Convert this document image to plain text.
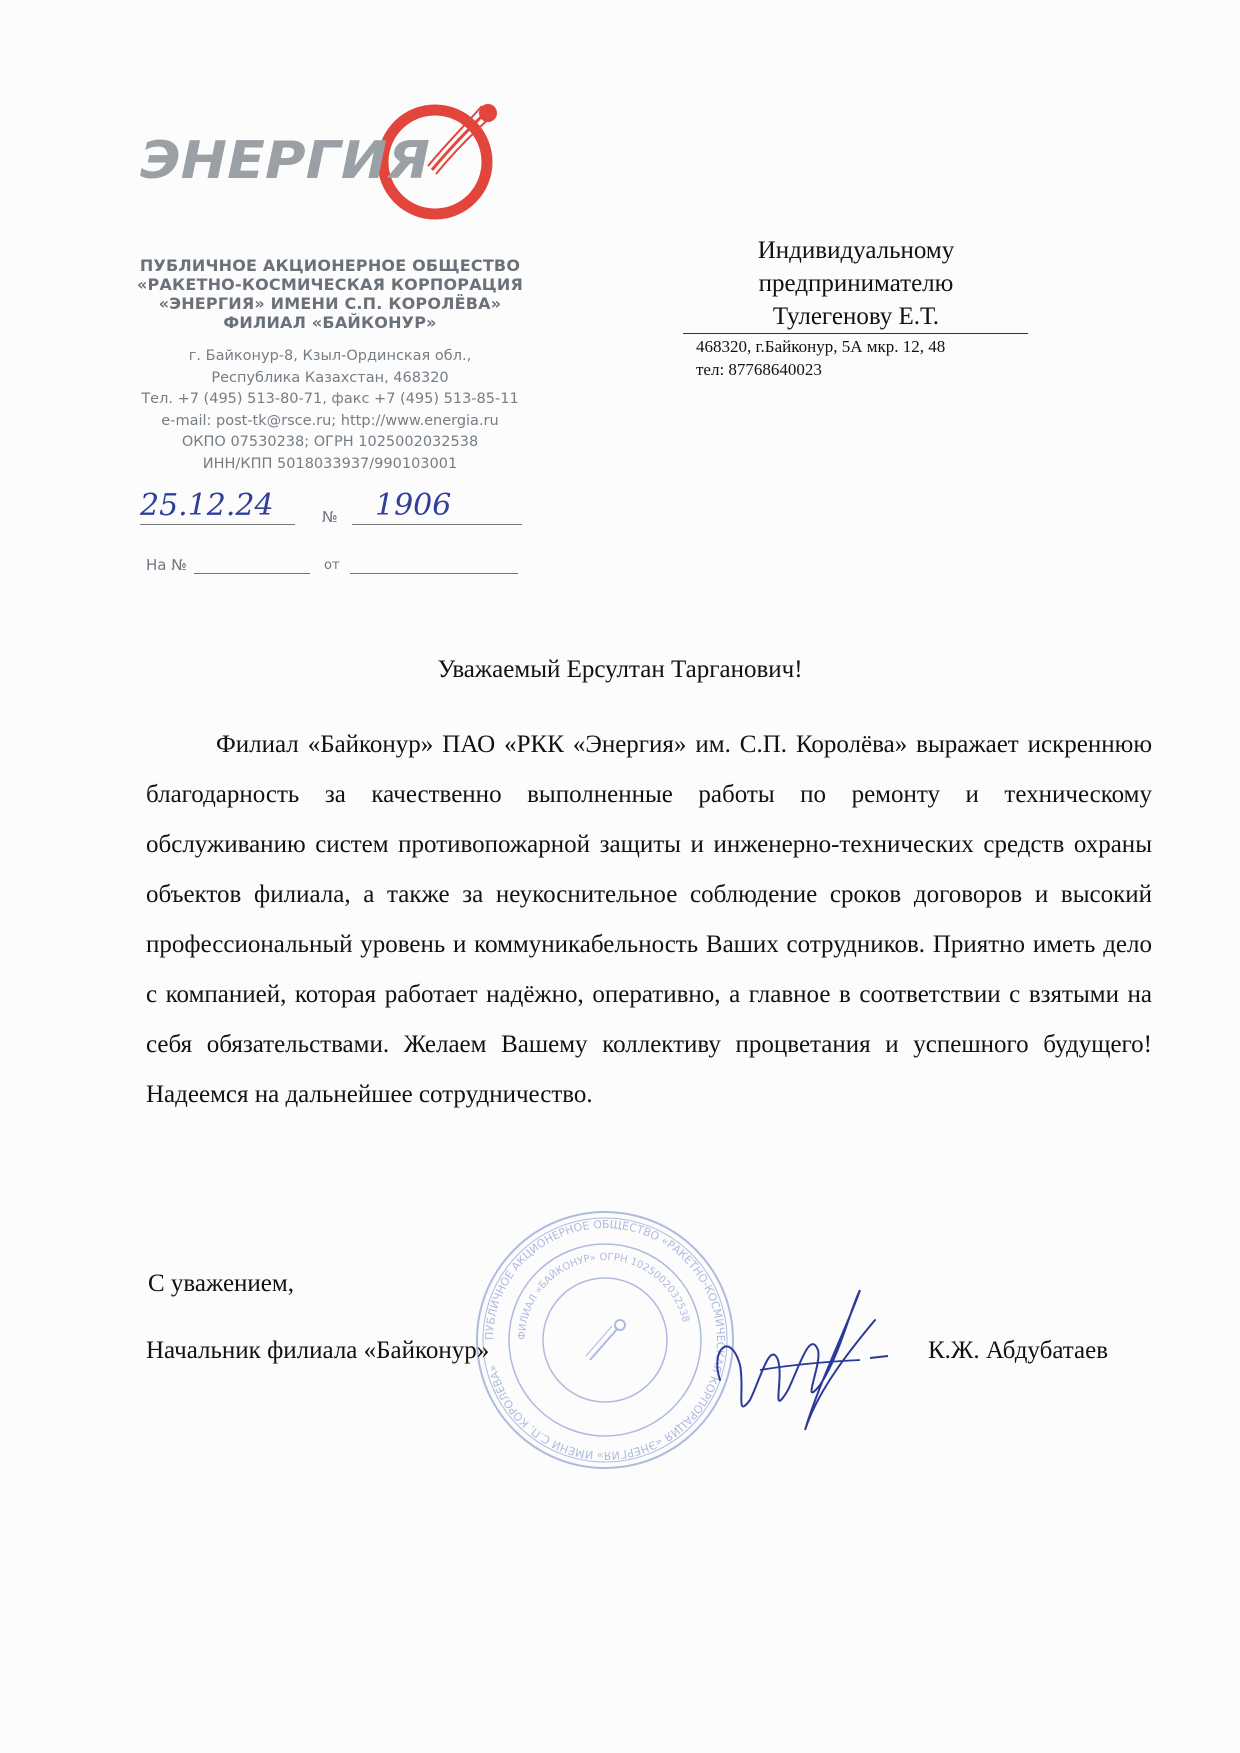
ЭНЕРГИЯ
ПУБЛИЧНОЕ АКЦИОНЕРНОЕ ОБЩЕСТВО
«РАКЕТНО-КОСМИЧЕСКАЯ КОРПОРАЦИЯ
«ЭНЕРГИЯ» ИМЕНИ С.П. КОРОЛЁВА»
ФИЛИАЛ «БАЙКОНУР»
г. Байконур-8, Кзыл-Ординская обл.,
Республика Казахстан, 468320
Тел. +7 (495) 513-80-71, факс +7 (495) 513-85-11
e-mail: post-tk@rsce.ru; http://www.energia.ru
ОКПО 07530238; ОГРН 1025002032538
ИНН/КПП 5018033937/990103001
25.12.24	№ 1906
На №	от
Индивидуальному
предпринимателю
Тулегенову Е.Т.
468320, г.Байконур, 5А мкр. 12, 48
тел: 87768640023
Уважаемый Ерсултан Тарганович!

Филиал «Байконур» ПАО «РКК «Энергия» им. С.П. Королёва» выражает искреннюю благодарность за качественно выполненные работы по ремонту и техническому обслуживанию систем противопожарной защиты и инженерно-технических средств охраны объектов филиала, а также за неукоснительное соблюдение сроков договоров и высокий профессиональный уровень и коммуникабельность Ваших сотрудников. Приятно иметь дело с компанией, которая работает надёжно, оперативно, а главное в соответствии с взятыми на себя обязательствами. Желаем Вашему коллективу процветания и успешного будущего! Надеемся на дальнейшее сотрудничество.

ПУБЛИЧНОЕ АКЦИОНЕРНОЕ ОБЩЕСТВО «РАКЕТНО-КОСМИЧЕСКАЯ КОРПОРАЦИЯ «ЭНЕРГИЯ» ИМЕНИ С.П. КОРОЛЁВА»
ФИЛИАЛ «БАЙКОНУР» ОГРН 1025002032538
С уважением,
Начальник филиала «Байконур»	К.Ж. Абдубатаев
